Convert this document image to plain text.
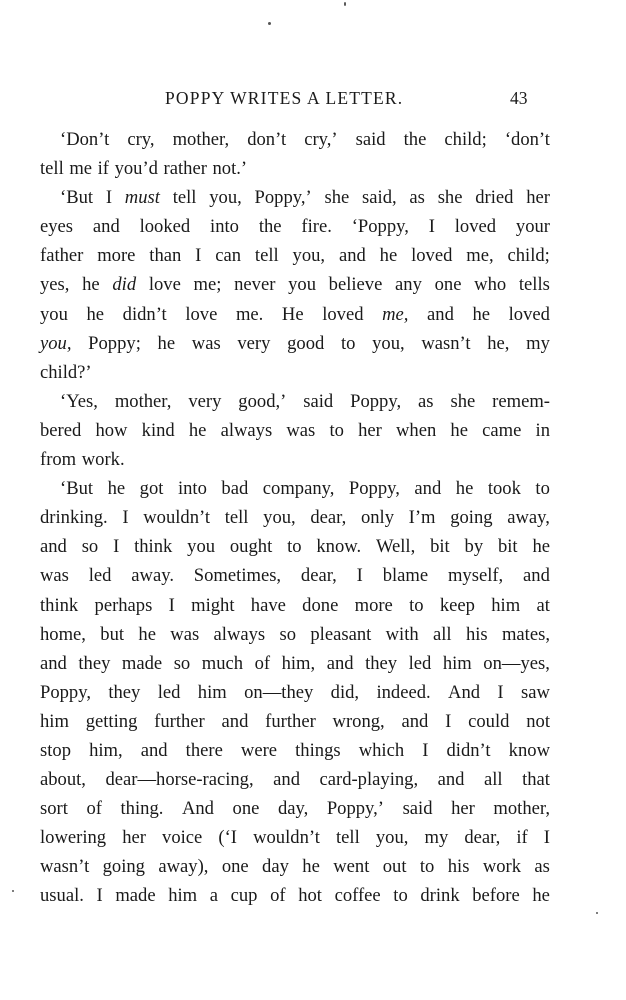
POPPY WRITES A LETTER.	43
‘Don’t cry, mother, don’t cry,’ said the child; ‘don’t
tell me if you’d rather not.’
‘But I must tell you, Poppy,’ she said, as she dried her
eyes and looked into the fire. ‘Poppy, I loved your
father more than I can tell you, and he loved me, child;
yes, he did love me; never you believe any one who tells
you he didn’t love me. He loved me, and he loved
you, Poppy; he was very good to you, wasn’t he, my
child?’
‘Yes, mother, very good,’ said Poppy, as she remem-
bered how kind he always was to her when he came in
from work.
‘But he got into bad company, Poppy, and he took to
drinking. I wouldn’t tell you, dear, only I’m going away,
and so I think you ought to know. Well, bit by bit he
was led away. Sometimes, dear, I blame myself, and
think perhaps I might have done more to keep him at
home, but he was always so pleasant with all his mates,
and they made so much of him, and they led him on—yes,
Poppy, they led him on—they did, indeed. And I saw
him getting further and further wrong, and I could not
stop him, and there were things which I didn’t know
about, dear—horse-racing, and card-playing, and all that
sort of thing. And one day, Poppy,’ said her mother,
lowering her voice (‘I wouldn’t tell you, my dear, if I
wasn’t going away), one day he went out to his work as
usual. I made him a cup of hot coffee to drink before he
